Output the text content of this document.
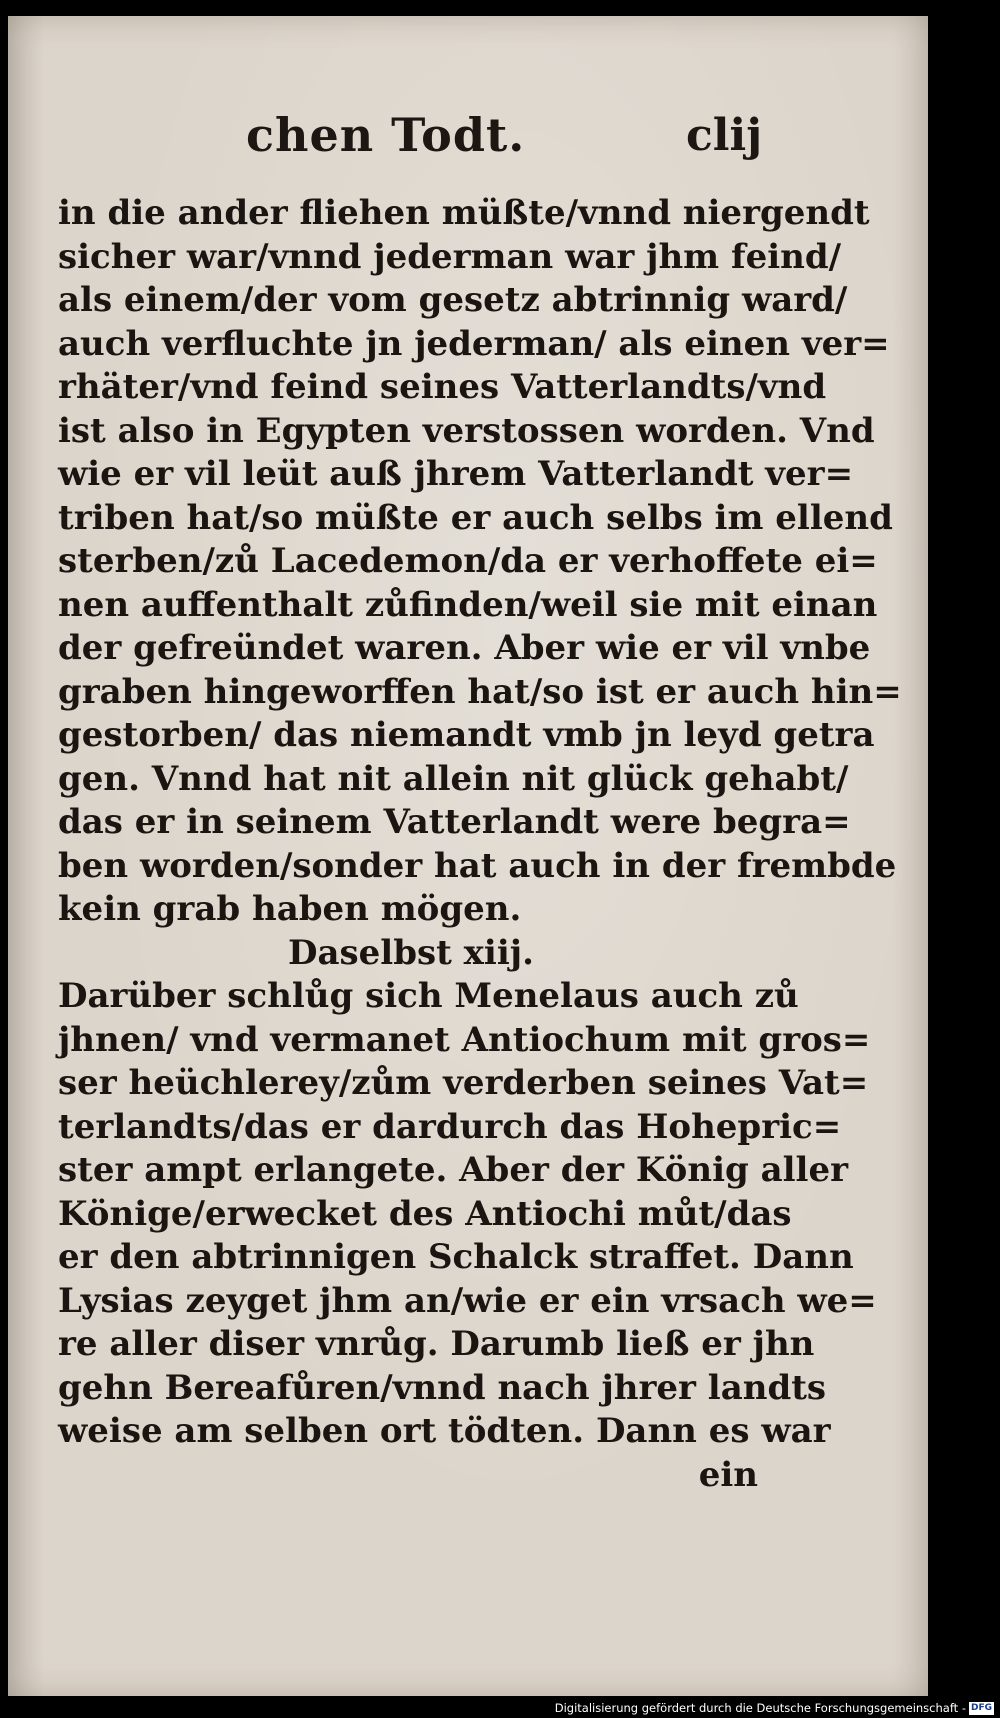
chen Todt.	clij
in die ander fliehen müßte/vnnd niergendt
sicher war/vnnd jederman war jhm feind/
als einem/der vom gesetz abtrinnig ward/
auch verfluchte jn jederman/ als einen ver=
rhäter/vnd feind seines Vatterlandts/vnd
ist also in Egypten verstossen worden. Vnd
wie er vil leüt auß jhrem Vatterlandt ver=
triben hat/so müßte er auch selbs im ellend
sterben/zů Lacedemon/da er verhoffete ei=
nen auffenthalt zůfinden/weil sie mit einan
der gefreündet waren. Aber wie er vil vnbe
graben hingeworffen hat/so ist er auch hin=
gestorben/ das niemandt vmb jn leyd getra
gen. Vnnd hat nit allein nit glück gehabt/
das er in seinem Vatterlandt were begra=
ben worden/sonder hat auch in der frembde
kein grab haben mögen.
Daselbst xiij.
Darüber schlůg sich Menelaus auch zů
jhnen/ vnd vermanet Antiochum mit gros=
ser heüchlerey/zům verderben seines Vat=
terlandts/das er dardurch das Hohepric=
ster ampt erlangete. Aber der König aller
Könige/erwecket des Antiochi můt/das
er den abtrinnigen Schalck straffet. Dann
Lysias zeyget jhm an/wie er ein vrsach we=
re aller diser vnrůg. Darumb ließ er jhn
gehn Bereafůren/vnnd nach jhrer landts
weise am selben ort tödten. Dann es war
ein
Digitalisierung gefördert durch die Deutsche Forschungsgemeinschaft - DFG
